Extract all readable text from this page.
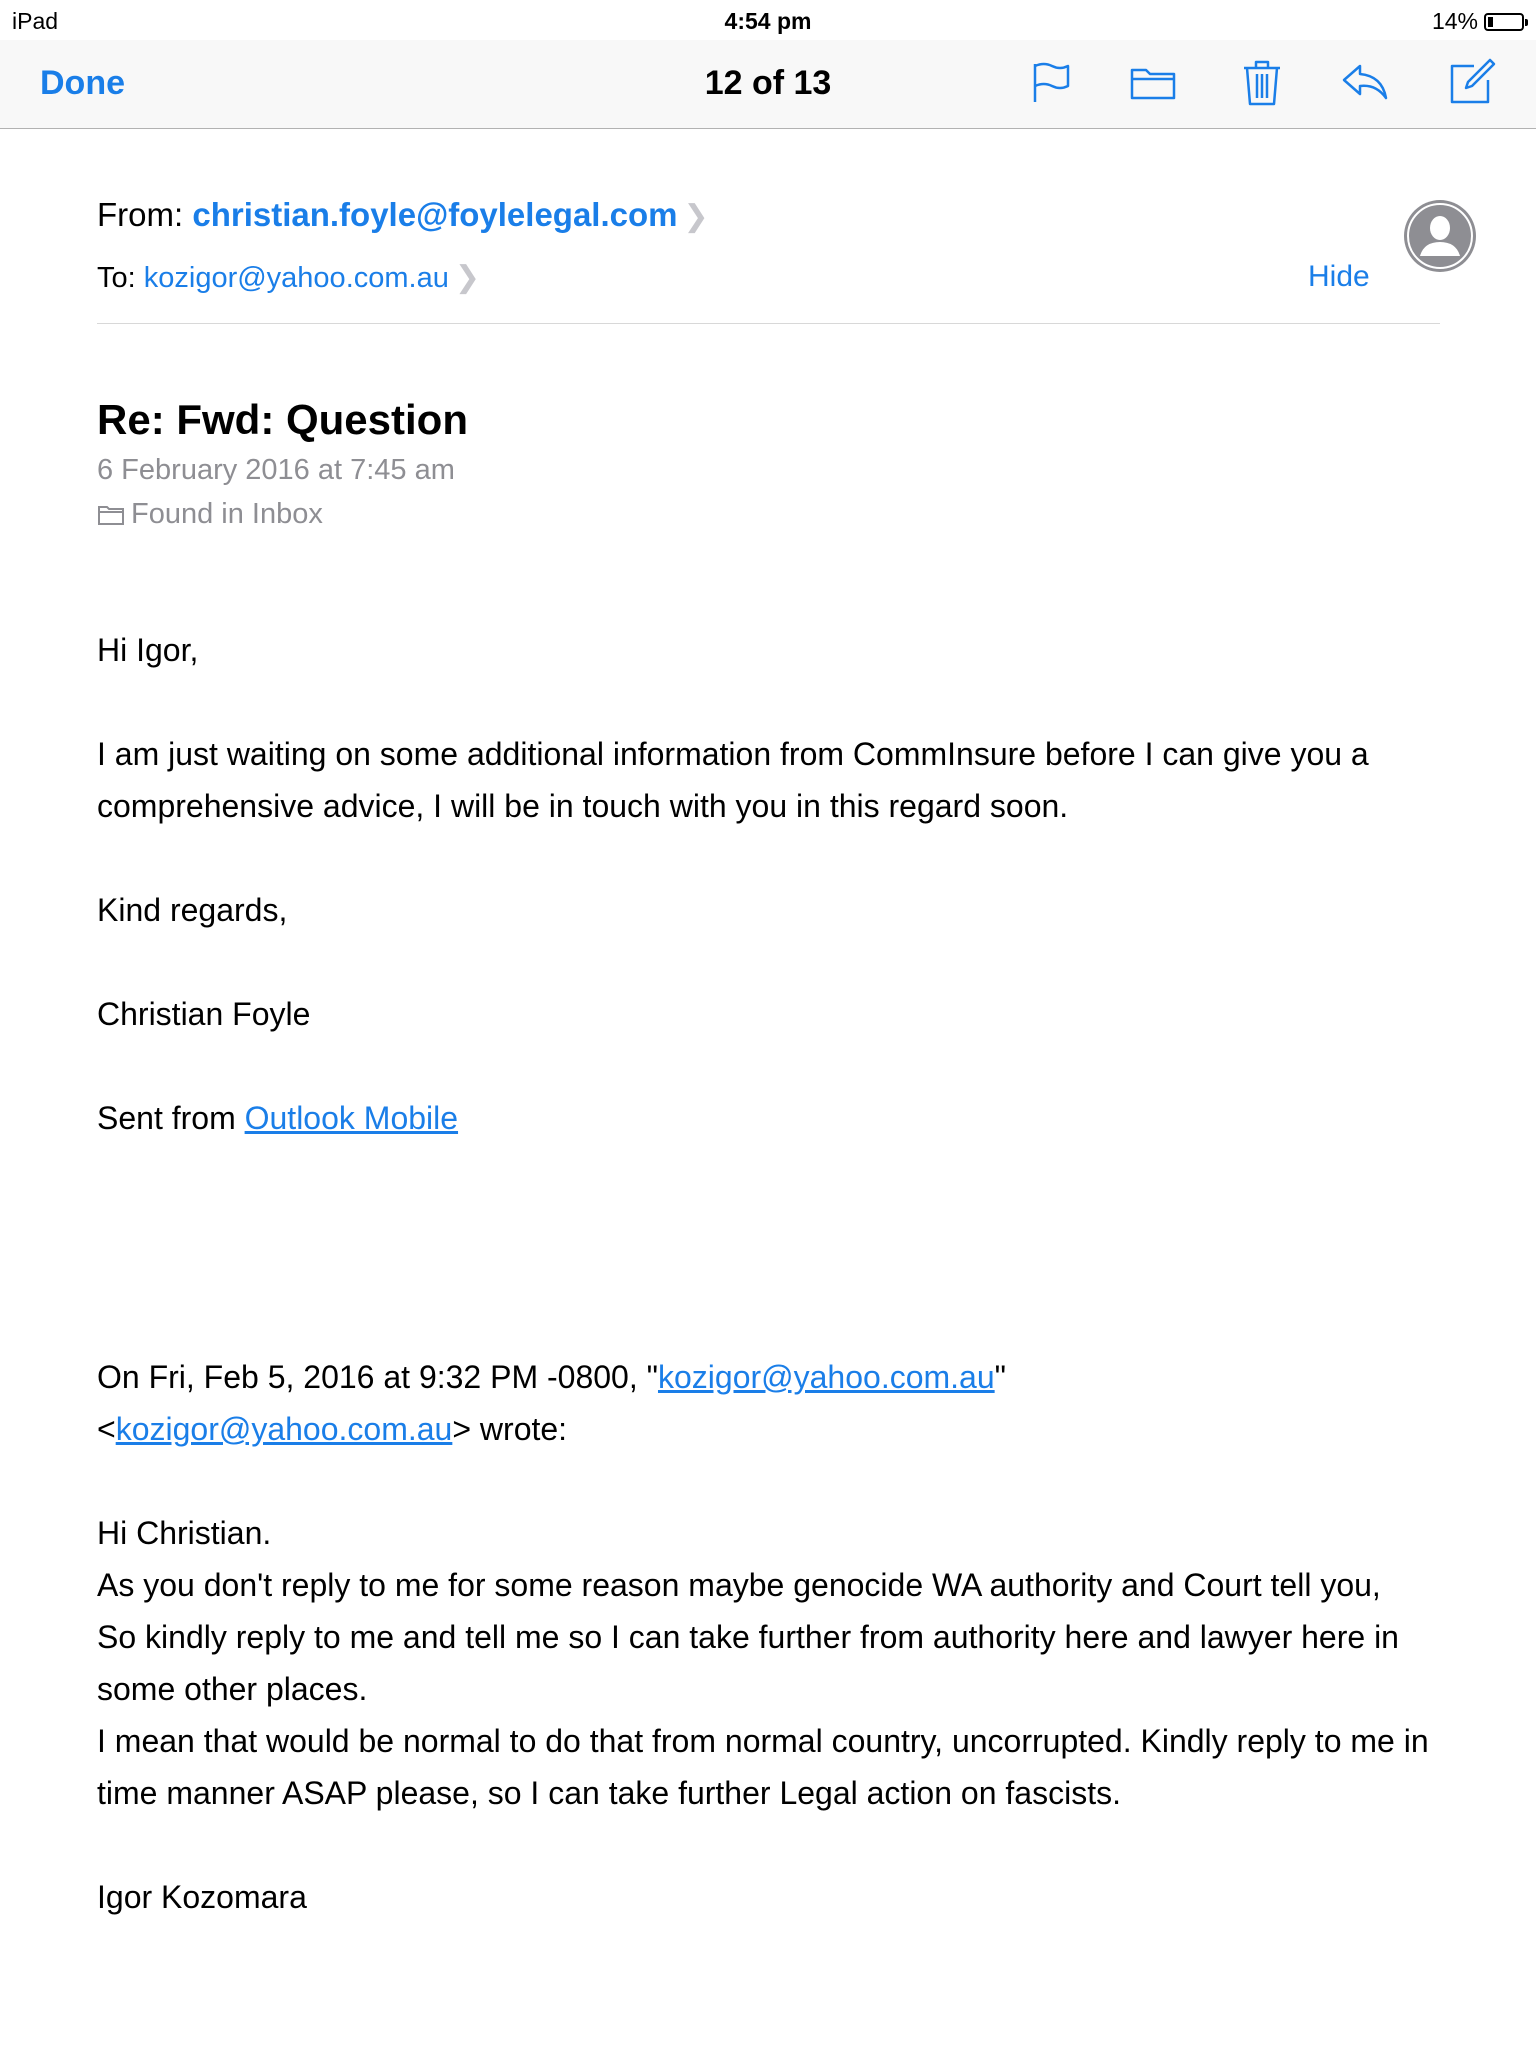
iPad	4:54 pm	14%
Done	12 of 13
From: christian.foyle@foylelegal.com ❯
To: kozigor@yahoo.com.au ❯	Hide
Re: Fwd: Question
6 February 2016 at 7:45 am
Found in Inbox

Hi Igor,

I am just waiting on some additional information from CommInsure before I can give you a comprehensive advice, I will be in touch with you in this regard soon.

Kind regards,

Christian Foyle

Sent from Outlook Mobile

On Fri, Feb 5, 2016 at 9:32 PM -0800, "kozigor@yahoo.com.au"
<kozigor@yahoo.com.au> wrote:

Hi Christian.

As you don't reply to me for some reason maybe genocide WA authority and Court tell you,

So kindly reply to me and tell me so I can take further from authority here and lawyer here in some other places.

I mean that would be normal to do that from normal country, uncorrupted. Kindly reply to me in time manner ASAP please, so I can take further Legal action on fascists.

Igor Kozomara
